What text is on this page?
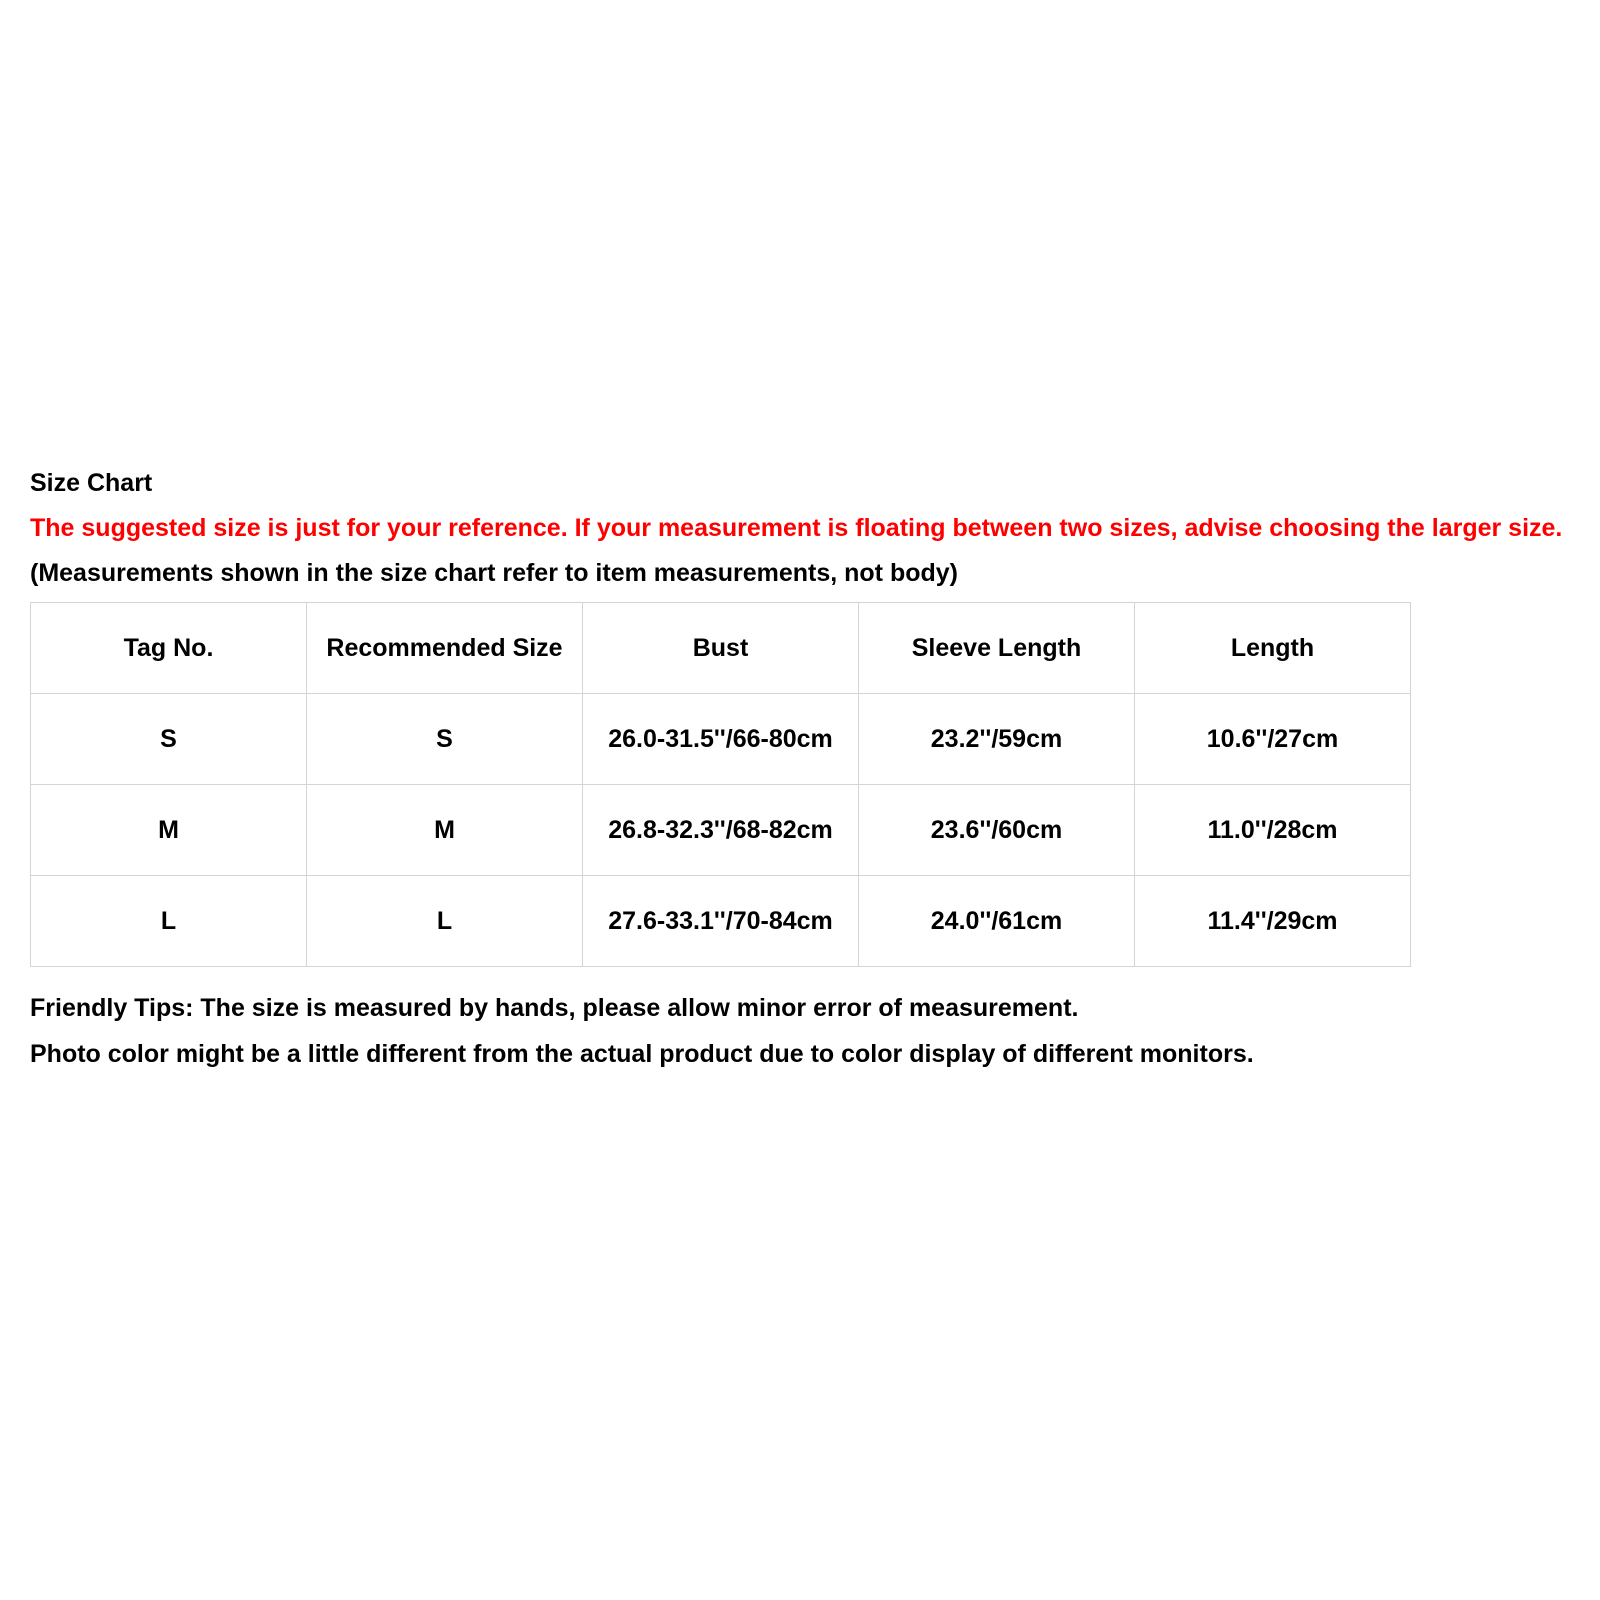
Size Chart

The suggested size is just for your reference. If your measurement is floating between two sizes, advise choosing the larger size.

(Measurements shown in the size chart refer to item measurements, not body)

Tag No.	Recommended Size	Bust	Sleeve Length	Length
S	S	26.0-31.5''/66-80cm	23.2''/59cm	10.6''/27cm
M	M	26.8-32.3''/68-82cm	23.6''/60cm	11.0''/28cm
L	L	27.6-33.1''/70-84cm	24.0''/61cm	11.4''/29cm

Friendly Tips: The size is measured by hands, please allow minor error of measurement.

Photo color might be a little different from the actual product due to color display of different monitors.
